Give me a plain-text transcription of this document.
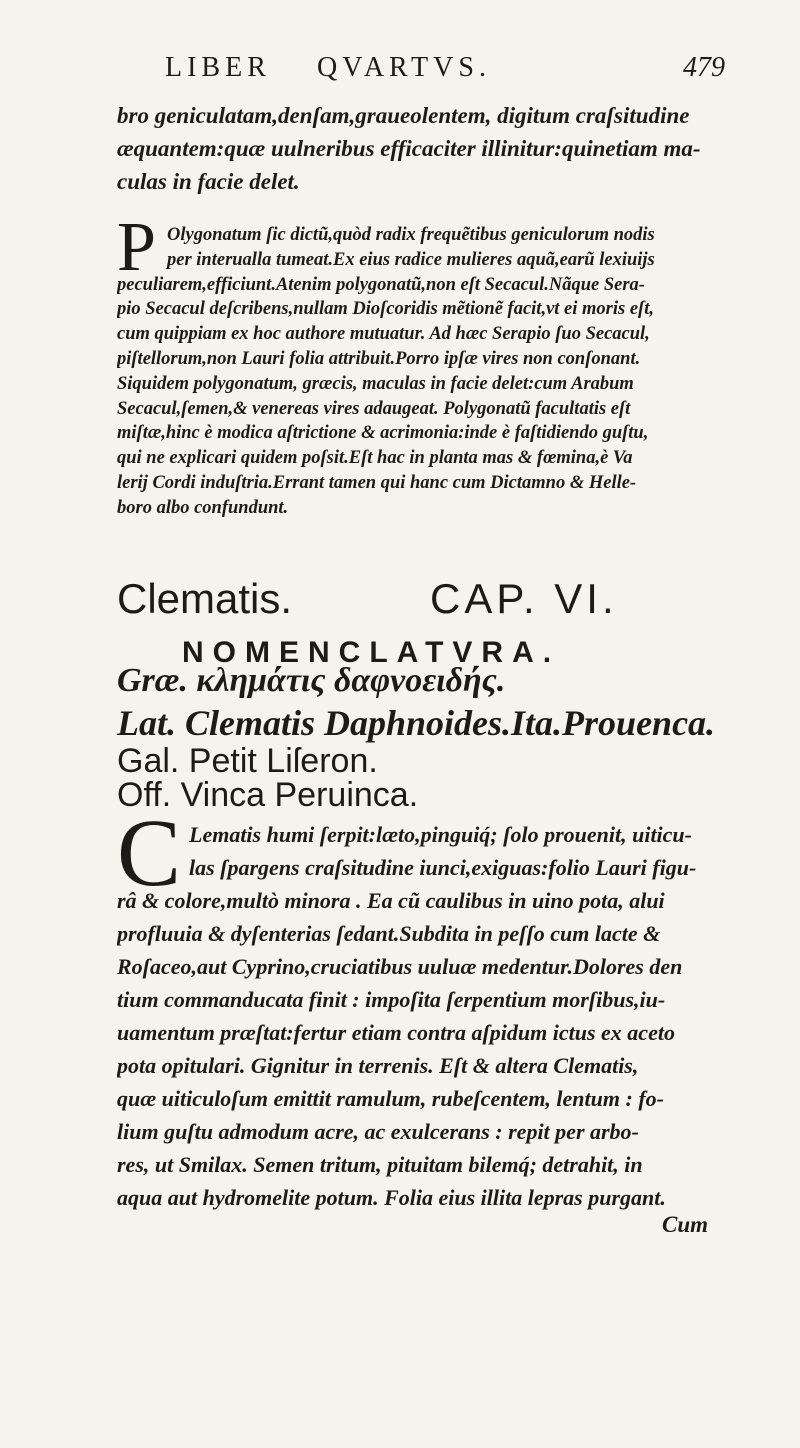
LIBER QVARTVS.	479
bro geniculatam,denſam,graueolentem, digitum craſsitudine
æquantem:quæ uulneribus efficaciter illinitur:quinetiam ma-
culas in facie delet.
P Olygonatum ſic dictũ,quòd radix frequẽtibus geniculorum nodis
per interualla tumeat.Ex eius radice mulieres aquã,earũ lexiuijs
peculiarem,efficiunt.Atenim polygonatũ,non eſt Secacul.Nãque Sera-
pio Secacul deſcribens,nullam Dioſcoridis mẽtionẽ facit,vt ei moris eſt,
cum quippiam ex hoc authore mutuatur. Ad hæc Serapio ſuo Secacul,
piſtellorum,non Lauri folia attribuit.Porro ipſæ vires non conſonant.
Siquidem polygonatum, græcis, maculas in facie delet:cum Arabum
Secacul,ſemen,& venereas vires adaugeat. Polygonatũ facultatis eſt
miſtæ,hinc è modica aſtrictione & acrimonia:inde è faſtidiendo guſtu,
qui ne explicari quidem poſsit.Eſt hac in planta mas & fœmina,è Va
lerij Cordi induſtria.Errant tamen qui hanc cum Dictamno & Helle-
boro albo confundunt.
Clematis.	CAP. VI.
NOMENCLATVRA.
Græ. κλημάτις δαφνοειδής.
Lat. Clematis Daphnoides.Ita.Prouenca.
Gal. Petit Liſeron.
Off. Vinca Peruinca.
C Lematis humi ſerpit:læto,pinguiq́; ſolo prouenit, uiticu-
las ſpargens craſsitudine iunci,exiguas:folio Lauri figu-
râ & colore,multò minora . Ea cũ caulibus in uino pota, alui
profluuia & dyſenterias ſedant.Subdita in peſſo cum lacte &
Roſaceo,aut Cyprino,cruciatibus uuluæ medentur.Dolores den
tium commanducata finit : impoſita ſerpentium morſibus,iu-
uamentum præſtat:fertur etiam contra aſpidum ictus ex aceto
pota opitulari. Gignitur in terrenis. Eſt & altera Clematis,
quæ uiticuloſum emittit ramulum, rubeſcentem, lentum : fo-
lium guſtu admodum acre, ac exulcerans : repit per arbo-
res, ut Smilax. Semen tritum, pituitam bilemq́; detrahit, in
aqua aut hydromelite potum. Folia eius illita lepras purgant.
Cum
